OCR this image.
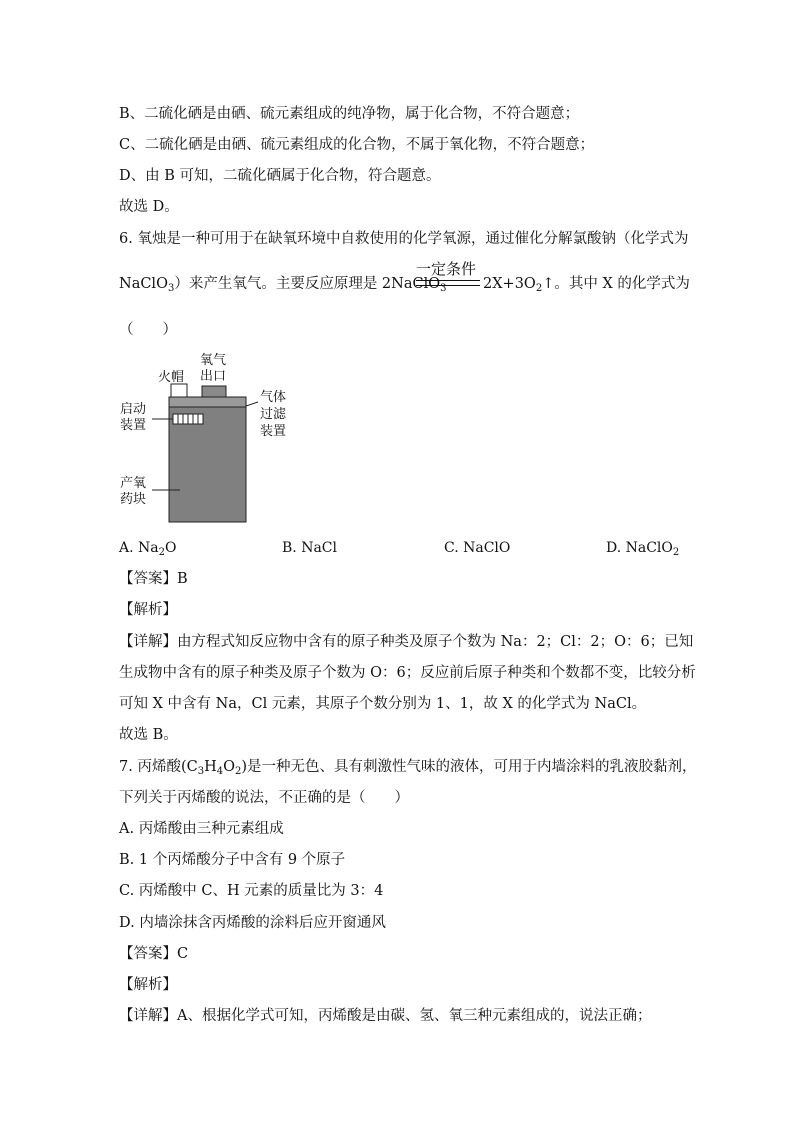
B、二硫化硒是由硒、硫元素组成的纯净物，属于化合物，不符合题意；
C、二硫化硒是由硒、硫元素组成的化合物，不属于氧化物，不符合题意；
D、由 B 可知，二硫化硒属于化合物，符合题意。
故选 D。
6. 氧烛是一种可用于在缺氧环境中自救使用的化学氧源，通过催化分解氯酸钠（化学式为
NaClO$_3$）来产生氧气。主要反应原理是 2NaClO$_3$
一定条件
$2X+3O_2↑$。其中 X 的化学式为
（　　）
火帽
氧气
出口
启动
装置
气体
过滤
装置
产氧
药块
A. $Na_2O$	B. NaCl	C. NaClO	D. NaClO$_2$
【答案】B
【解析】
【详解】由方程式知反应物中含有的原子种类及原子个数为 Na：2；Cl：2；O：6；已知
生成物中含有的原子种类及原子个数为 O：6；反应前后原子种类和个数都不变，比较分析
可知 X 中含有 Na，Cl 元素，其原子个数分别为 1、1，故 X 的化学式为 NaCl。
故选 B。
7. 丙烯酸$(C_3H_4O_2)$是一种无色、具有刺激性气味的液体，可用于内墙涂料的乳液胶黏剂，
下列关于丙烯酸的说法，不正确的是（　　）
A. 丙烯酸由三种元素组成
B. 1 个丙烯酸分子中含有 9 个原子
C. 丙烯酸中 C、H 元素的质量比为 3：4
D. 内墙涂抹含丙烯酸的涂料后应开窗通风
【答案】C
【解析】
【详解】A、根据化学式可知，丙烯酸是由碳、氢、氧三种元素组成的，说法正确；
